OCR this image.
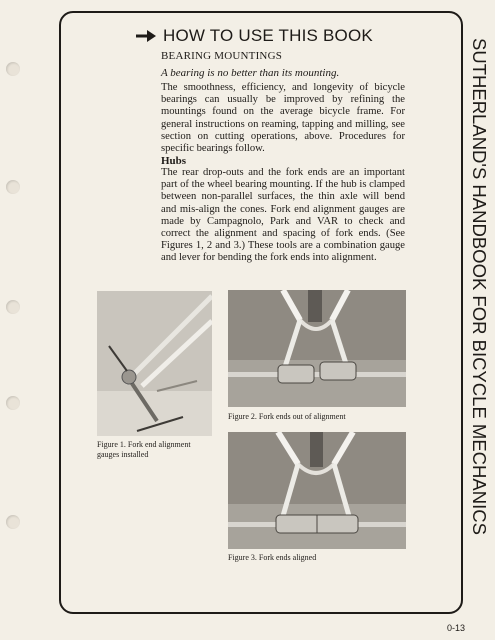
HOW TO USE THIS BOOK
BEARING MOUNTINGS
A bearing is no better than its mounting.
The smoothness, efficiency, and longevity of bicycle bearings can usually be improved by refining the mountings found on the average bicycle frame. For general instructions on reaming, tapping and milling, see section on cutting operations, above. Procedures for specific bearings follow.
Hubs
The rear drop-outs and the fork ends are an important part of the wheel bearing mounting. If the hub is clamped between non-parallel surfaces, the thin axle will bend and mis-align the cones. Fork end alignment gauges are made by Campagnolo, Park and VAR to check and correct the alignment and spacing of fork ends. (See Figures 1, 2 and 3.) These tools are a combination gauge and lever for bending the fork ends into alignment.
Figure 1. Fork end alignment gauges installed
Figure 2. Fork ends out of alignment
Figure 3. Fork ends aligned
SUTHERLAND'S HANDBOOK FOR BICYCLE MECHANICS
0-13
